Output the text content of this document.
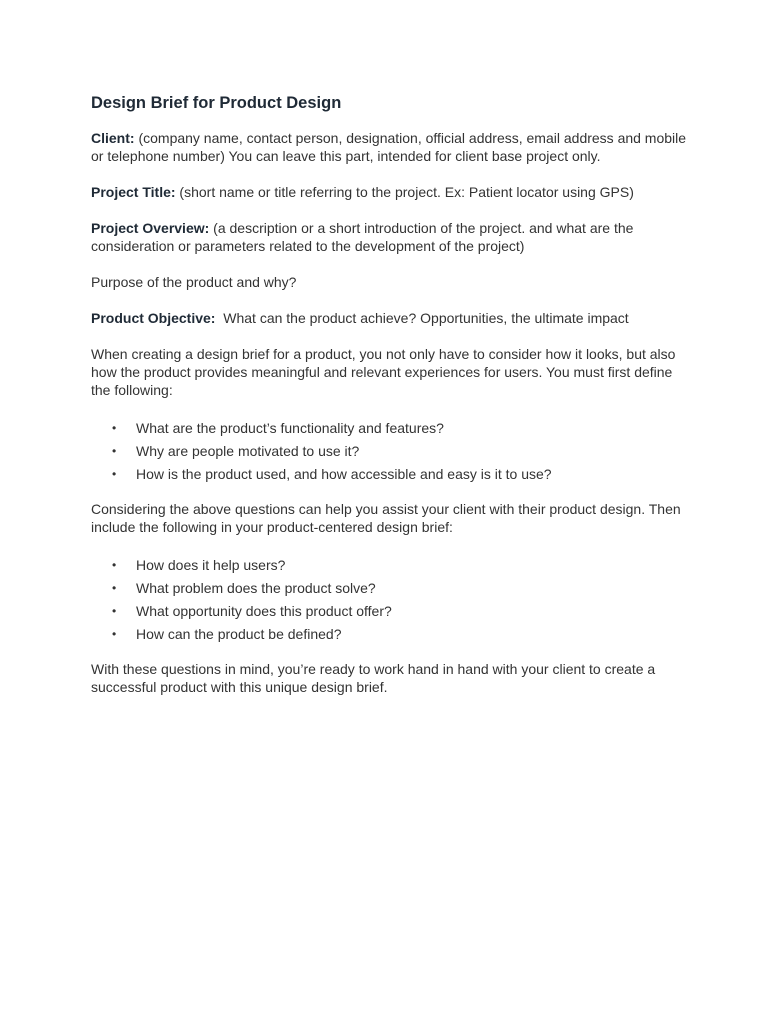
Design Brief for Product Design

Client: (company name, contact person, designation, official address, email address and mobile or telephone number) You can leave this part, intended for client base project only.

Project Title: (short name or title referring to the project. Ex: Patient locator using GPS)

Project Overview: (a description or a short introduction of the project. and what are the consideration or parameters related to the development of the project)

Purpose of the product and why?

Product Objective:  What can the product achieve? Opportunities, the ultimate impact

When creating a design brief for a product, you not only have to consider how it looks, but also how the product provides meaningful and relevant experiences for users. You must first define the following:

• What are the product’s functionality and features?
• Why are people motivated to use it?
• How is the product used, and how accessible and easy is it to use?

Considering the above questions can help you assist your client with their product design. Then include the following in your product-centered design brief:

• How does it help users?
• What problem does the product solve?
• What opportunity does this product offer?
• How can the product be defined?

With these questions in mind, you’re ready to work hand in hand with your client to create a successful product with this unique design brief.
